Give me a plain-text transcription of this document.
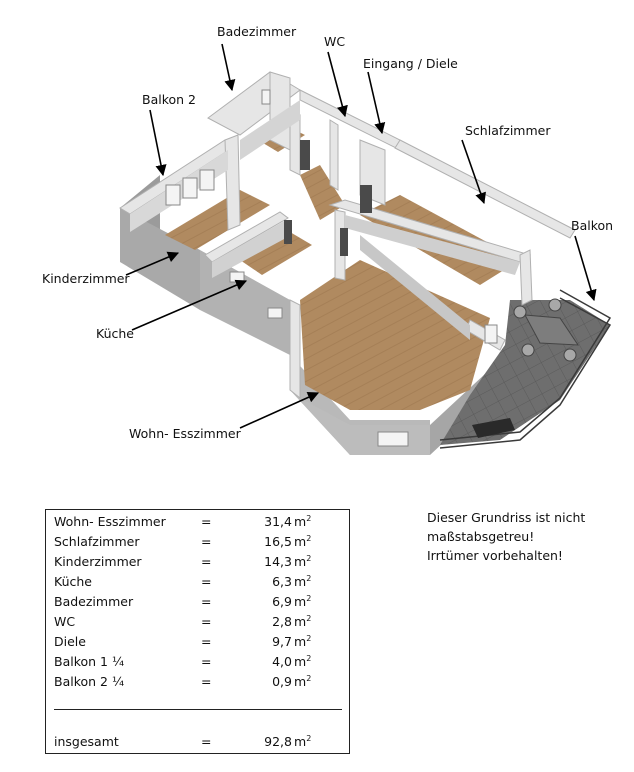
Badezimmer
WC
Eingang / Diele
Balkon 2
Schlafzimmer
Balkon
Kinderzimmer
Küche
Wohn- Esszimmer
Wohn- Esszimmer	=	31,4 $m^2$
Schlafzimmer	=	16,5 $m^2$
Kinderzimmer	=	14,3 $m^2$
Küche	=	6,3 $m^2$
Badezimmer	=	6,9 $m^2$
WC	=	2,8 $m^2$
Diele	=	9,7 $m^2$
Balkon 1 ¼	=	4,0 $m^2$
Balkon 2 ¼	=	0,9 $m^2$
insgesamt	=	92,8 $m^2$
Dieser Grundriss ist nicht
maßstabsgetreu!
Irrtümer vorbehalten!
